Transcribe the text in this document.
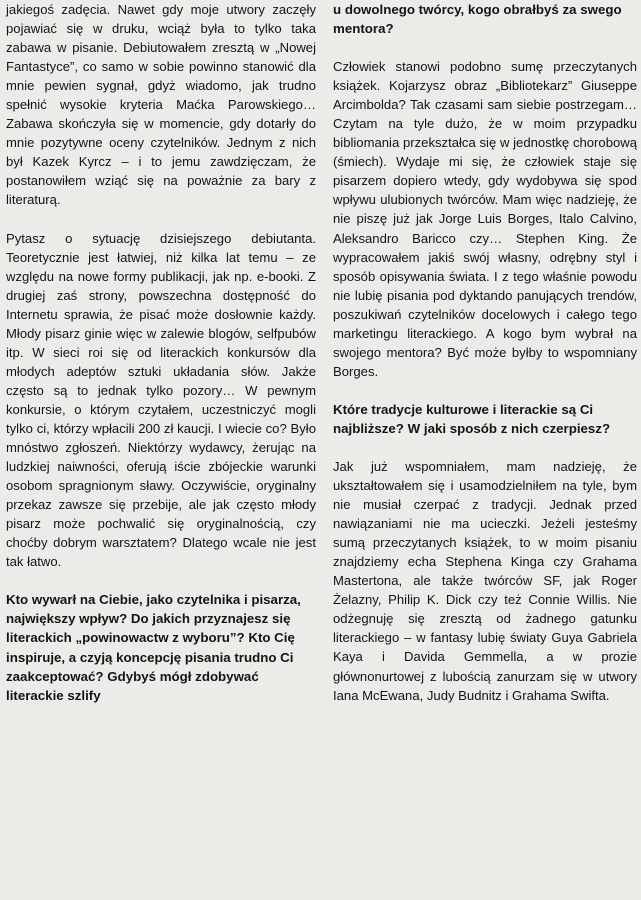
jakiegoś zadęcia. Nawet gdy moje utwory zaczęły pojawiać się w druku, wciąż była to tylko taka zabawa w pisanie. Debiutowałem zresztą w „Nowej Fantastyce”, co samo w sobie powinno stanowić dla mnie pewien sygnał, gdyż wiadomo, jak trudno spełnić wysokie kryteria Maćka Parowskiego… Zabawa skończyła się w momencie, gdy dotarły do mnie pozytywne oceny czytelników. Jednym z nich był Kazek Kyrcz – i to jemu zawdzięczam, że postanowiłem wziąć się na poważnie za bary z literaturą.

Pytasz o sytuację dzisiejszego debiutanta. Teoretycznie jest łatwiej, niż kilka lat temu – ze względu na nowe formy publikacji, jak np. e-booki. Z drugiej zaś strony, powszechna dostępność do Internetu sprawia, że pisać może dosłownie każdy. Młody pisarz ginie więc w zalewie blogów, selfpubów itp. W sieci roi się od literackich konkursów dla młodych adeptów sztuki układania słów. Jakże często są to jednak tylko pozory… W pewnym konkursie, o którym czytałem, uczestniczyć mogli tylko ci, którzy wpłacili 200 zł kaucji. I wiecie co? Było mnóstwo zgłoszeń. Niektórzy wydawcy, żerując na ludzkiej naiwności, oferują iście zbójeckie warunki osobom spragnionym sławy. Oczywiście, oryginalny przekaz zawsze się przebije, ale jak często młody pisarz może pochwalić się oryginalnością, czy choćby dobrym warsztatem? Dlatego wcale nie jest tak łatwo.

Kto wywarł na Ciebie, jako czytelnika i pisarza, największy wpływ? Do jakich przyznajesz się literackich „powinowactw z wyboru”? Kto Cię inspiruje, a czyją koncepcję pisania trudno Ci zaakceptować? Gdybyś mógł zdobywać literackie szlify
u dowolnego twórcy, kogo obrałbyś za swego mentora?

Człowiek stanowi podobno sumę przeczytanych książek. Kojarzysz obraz „Bibliotekarz” Giuseppe Arcimbolda? Tak czasami sam siebie postrzegam… Czytam na tyle dużo, że w moim przypadku bibliomania przekształca się w jednostkę chorobową (śmiech). Wydaje mi się, że człowiek staje się pisarzem dopiero wtedy, gdy wydobywa się spod wpływu ulubionych twórców. Mam więc nadzieję, że nie piszę już jak Jorge Luis Borges, Italo Calvino, Aleksandro Baricco czy… Stephen King. Że wypracowałem jakiś swój własny, odrębny styl i sposób opisywania świata. I z tego właśnie powodu nie lubię pisania pod dyktando panujących trendów, poszukiwań czytelników docelowych i całego tego marketingu literackiego. A kogo bym wybrał na swojego mentora? Być może byłby to wspomniany Borges.

Które tradycje kulturowe i literackie są Ci najbliższe? W jaki sposób z nich czerpiesz?

Jak już wspomniałem, mam nadzieję, że ukształtowałem się i usamodzielniłem na tyle, bym nie musiał czerpać z tradycji. Jednak przed nawiązaniami nie ma ucieczki. Jeżeli jesteśmy sumą przeczytanych książek, to w moim pisaniu znajdziemy echa Stephena Kinga czy Grahama Mastertona, ale także twórców SF, jak Roger Żelazny, Philip K. Dick czy też Connie Willis. Nie odżegnuję się zresztą od żadnego gatunku literackiego – w fantasy lubię światy Guya Gabriela Kaya i Davida Gemmella, a w prozie głównonurtowej z lubością zanurzam się w utwory Iana McEwana, Judy Budnitz i Grahama Swifta.
